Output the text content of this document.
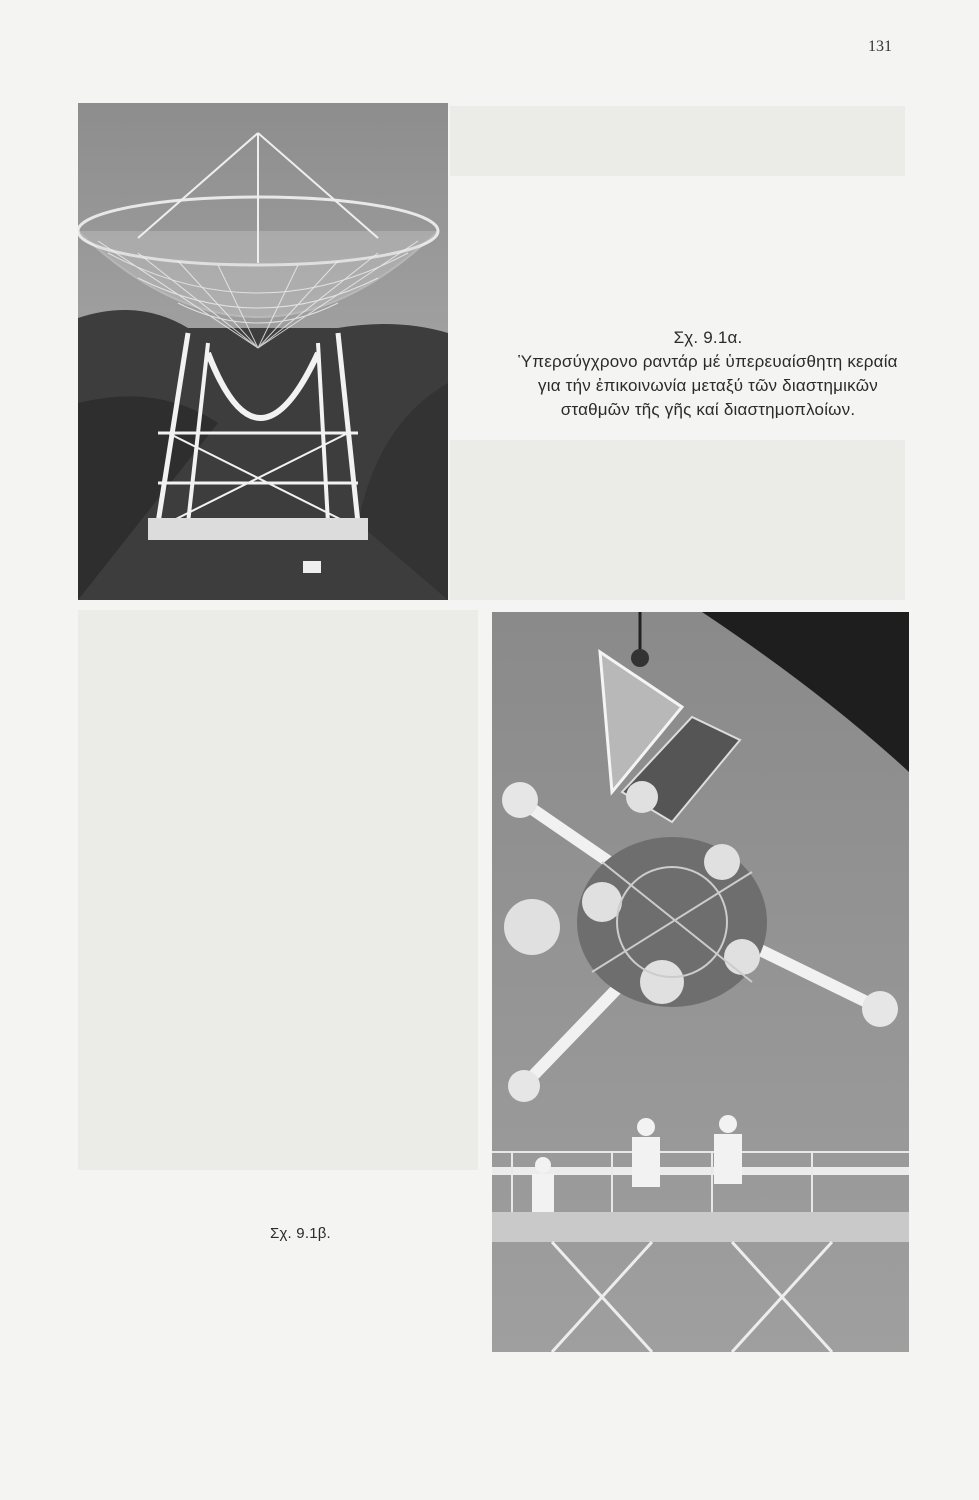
131
Σχ. 9.1α.
Ὑπερσύγχρονο ραντάρ μέ ὑπερευαίσθητη κεραία
για τήν ἐπικοινωνία μεταξύ τῶν διαστημικῶν
σταθμῶν τῆς γῆς καί διαστημοπλοίων.
Σχ. 9.1β.
